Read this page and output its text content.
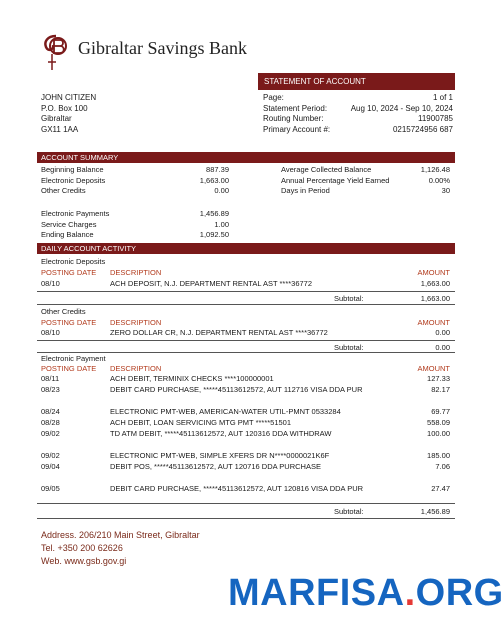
Gibraltar Savings Bank
STATEMENT OF ACCOUNT
JOHN CITIZEN
P.O. Box 100
Gibraltar
GX11 1AA
Page:	1 of 1
Statement Period:	Aug 10, 2024 - Sep 10, 2024
Routing Number:	11900785
Primary Account #:	0215724956 687
ACCOUNT SUMMARY
Beginning Balance	887.39
Electronic Deposits	1,663.00
Other Credits	0.00
Electronic Payments	1,456.89
Service Charges	1.00
Ending Balance	1,092.50
Average Collected Balance	1,126.48
Annual Percentage Yield Earned	0.00%
Days in Period	30
DAILY ACCOUNT ACTIVITY
Electronic Deposits
POSTING DATE DESCRIPTION	AMOUNT
08/10	ACH DEPOSIT, N.J. DEPARTMENT RENTAL AST ****36772	1,663.00
Subtotal:	1,663.00
Other Credits
POSTING DATE DESCRIPTION	AMOUNT
08/10	ZERO DOLLAR CR, N.J. DEPARTMENT RENTAL AST ****36772	0.00
Subtotal:	0.00
Electronic Payment
POSTING DATE DESCRIPTION	AMOUNT
08/11	ACH DEBIT, TERMINIX CHECKS ****100000001	127.33
08/23	DEBIT CARD PURCHASE, *****45113612572, AUT 112716 VISA DDA PUR	82.17
08/24	ELECTRONIC PMT-WEB, AMERICAN-WATER UTIL-PMNT 0533284	69.77
08/28	ACH DEBIT, LOAN SERVICING MTG PMT *****51501	558.09
09/02	TD ATM DEBIT, *****45113612572, AUT 120316 DDA WITHDRAW	100.00
09/02	ELECTRONIC PMT-WEB, SIMPLE XFERS DR N****0000021K6F	185.00
09/04	DEBIT POS, *****45113612572, AUT 120716 DDA PURCHASE	7.06
09/05	DEBIT CARD PURCHASE, *****45113612572, AUT 120816 VISA DDA PUR	27.47
Subtotal:	1,456.89
Address. 206/210 Main Street, Gibraltar
Tel. +350 200 62626
Web. www.gsb.gov.gi
MARFISA.ORG
